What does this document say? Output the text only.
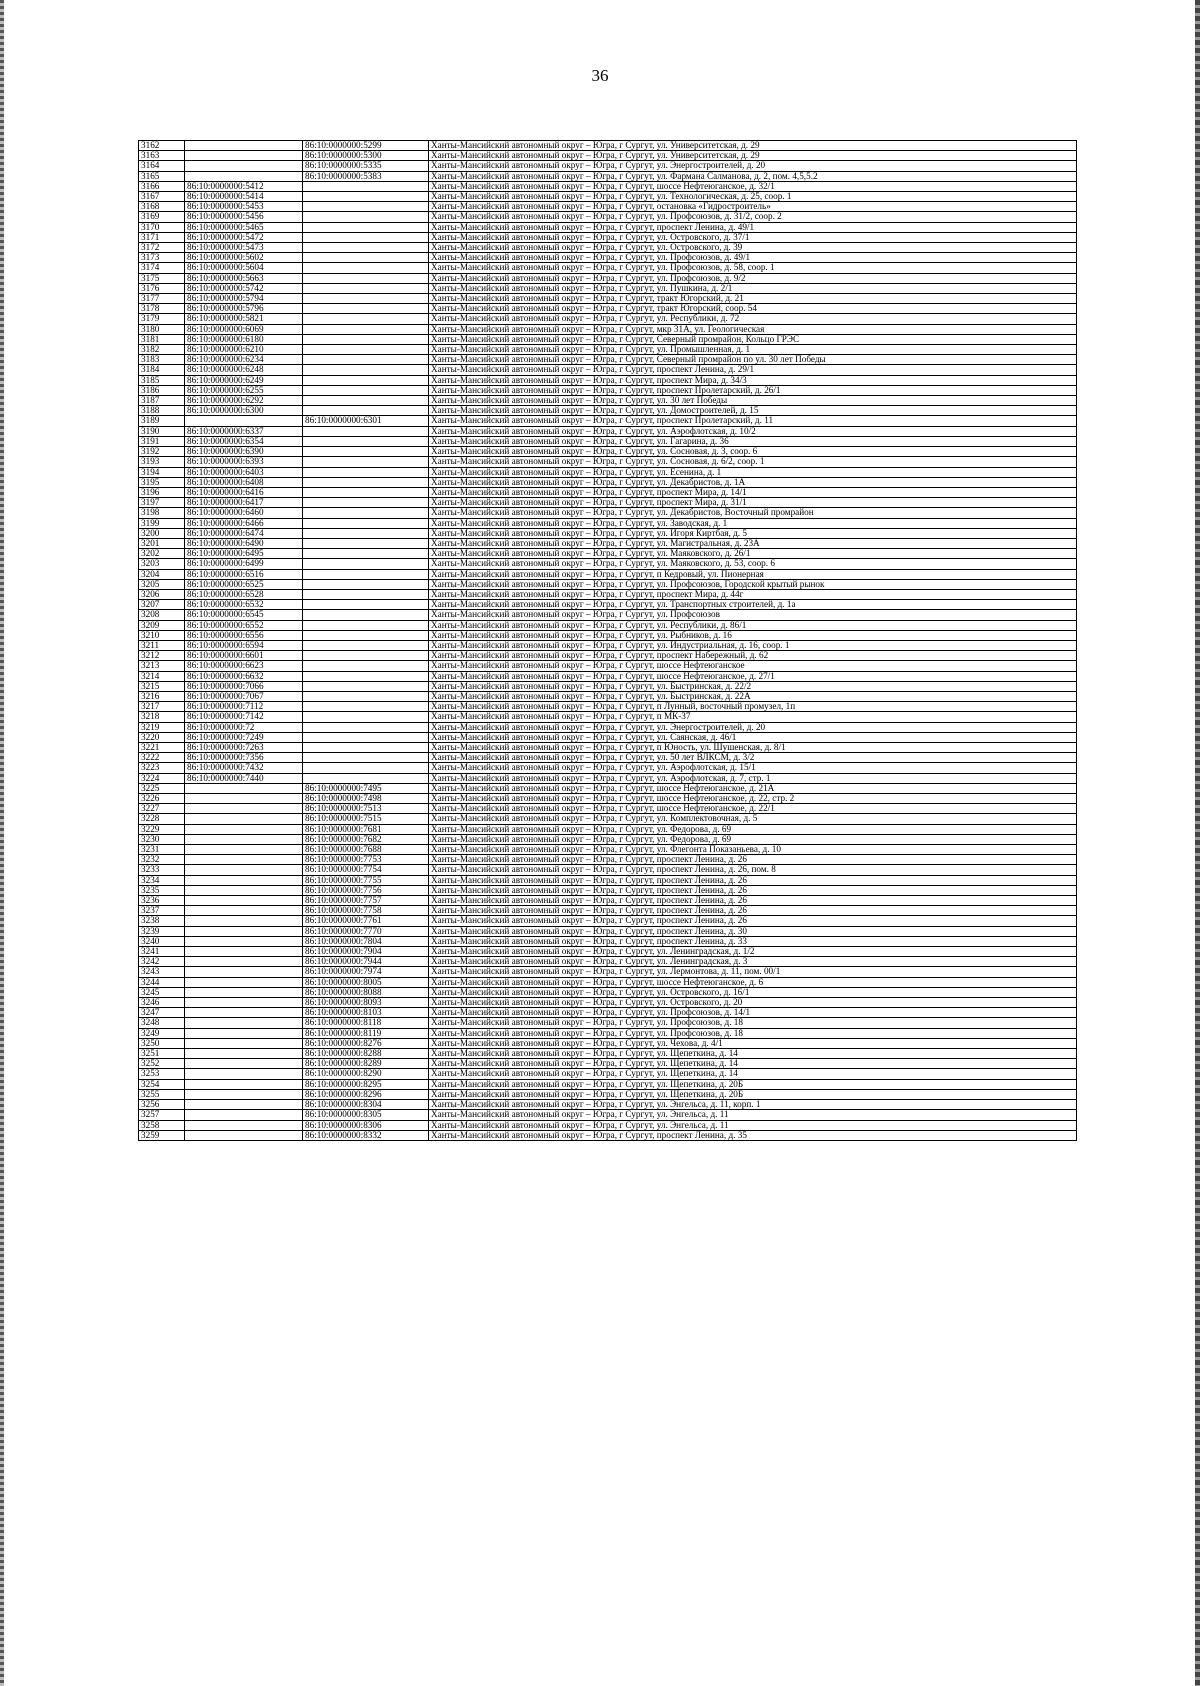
36
3162		86:10:0000000:5299	Ханты-Мансийский автономный округ – Югра, г Сургут, ул. Университетская, д. 29
3163		86:10:0000000:5300	Ханты-Мансийский автономный округ – Югра, г Сургут, ул. Университетская, д. 29
3164		86:10:0000000:5335	Ханты-Мансийский автономный округ – Югра, г Сургут, ул. Энергостроителей, д. 20
3165		86:10:0000000:5383	Ханты-Мансийский автономный округ – Югра, г Сургут, ул. Фармана Салманова, д. 2, пом. 4,5,5.2
3166	86:10:0000000:5412		Ханты-Мансийский автономный округ – Югра, г Сургут, шоссе Нефтеюганское, д. 32/1
3167	86:10:0000000:5414		Ханты-Мансийский автономный округ – Югра, г Сургут, ул. Технологическая, д. 25, соор. 1
3168	86:10:0000000:5453		Ханты-Мансийский автономный округ – Югра, г Сургут, остановка «Гидростроитель»
3169	86:10:0000000:5456		Ханты-Мансийский автономный округ – Югра, г Сургут, ул. Профсоюзов, д. 31/2, соор. 2
3170	86:10:0000000:5465		Ханты-Мансийский автономный округ – Югра, г Сургут, проспект Ленина, д. 49/1
3171	86:10:0000000:5472		Ханты-Мансийский автономный округ – Югра, г Сургут, ул. Островского, д. 37/1
3172	86:10:0000000:5473		Ханты-Мансийский автономный округ – Югра, г Сургут, ул. Островского, д. 39
3173	86:10:0000000:5602		Ханты-Мансийский автономный округ – Югра, г Сургут, ул. Профсоюзов, д. 49/1
3174	86:10:0000000:5604		Ханты-Мансийский автономный округ – Югра, г Сургут, ул. Профсоюзов, д. 58, соор. 1
3175	86:10:0000000:5663		Ханты-Мансийский автономный округ – Югра, г Сургут, ул. Профсоюзов, д. 9/2
3176	86:10:0000000:5742		Ханты-Мансийский автономный округ – Югра, г Сургут, ул. Пушкина, д. 2/1
3177	86:10:0000000:5794		Ханты-Мансийский автономный округ – Югра, г Сургут, тракт Югорский, д. 21
3178	86:10:0000000:5796		Ханты-Мансийский автономный округ – Югра, г Сургут, тракт Югорский, соор. 54
3179	86:10:0000000:5821		Ханты-Мансийский автономный округ – Югра, г Сургут, ул. Республики, д. 72
3180	86:10:0000000:6069		Ханты-Мансийский автономный округ – Югра, г Сургут, мкр 31А, ул. Геологическая
3181	86:10:0000000:6180		Ханты-Мансийский автономный округ – Югра, г Сургут, Северный промрайон, Кольцо ГРЭС
3182	86:10:0000000:6210		Ханты-Мансийский автономный округ – Югра, г Сургут, ул. Промышленная, д. 1
3183	86:10:0000000:6234		Ханты-Мансийский автономный округ – Югра, г Сургут, Северный промрайон по ул. 30 лет Победы
3184	86:10:0000000:6248		Ханты-Мансийский автономный округ – Югра, г Сургут, проспект Ленина, д. 29/1
3185	86:10:0000000:6249		Ханты-Мансийский автономный округ – Югра, г Сургут, проспект Мира, д. 34/3
3186	86:10:0000000:6255		Ханты-Мансийский автономный округ – Югра, г Сургут, проспект Пролетарский, д. 26/1
3187	86:10:0000000:6292		Ханты-Мансийский автономный округ – Югра, г Сургут, ул. 30 лет Победы
3188	86:10:0000000:6300		Ханты-Мансийский автономный округ – Югра, г Сургут, ул. Домостроителей, д. 15
3189		86:10:0000000:6301	Ханты-Мансийский автономный округ – Югра, г Сургут, проспект Пролетарский, д. 11
3190	86:10:0000000:6337		Ханты-Мансийский автономный округ – Югра, г Сургут, ул. Аэрофлотская, д. 10/2
3191	86:10:0000000:6354		Ханты-Мансийский автономный округ – Югра, г Сургут, ул. Гагарина, д. 36
3192	86:10:0000000:6390		Ханты-Мансийский автономный округ – Югра, г Сургут, ул. Сосновая, д. 3, соор. 6
3193	86:10:0000000:6393		Ханты-Мансийский автономный округ – Югра, г Сургут, ул. Сосновая, д. 6/2, соор. 1
3194	86:10:0000000:6403		Ханты-Мансийский автономный округ – Югра, г Сургут, ул. Есенина, д. 1
3195	86:10:0000000:6408		Ханты-Мансийский автономный округ – Югра, г Сургут, ул. Декабристов, д. 1А
3196	86:10:0000000:6416		Ханты-Мансийский автономный округ – Югра, г Сургут, проспект Мира, д. 14/1
3197	86:10:0000000:6417		Ханты-Мансийский автономный округ – Югра, г Сургут, проспект Мира, д. 31/1
3198	86:10:0000000:6460		Ханты-Мансийский автономный округ – Югра, г Сургут, ул. Декабристов, Восточный промрайон
3199	86:10:0000000:6466		Ханты-Мансийский автономный округ – Югра, г Сургут, ул. Заводская, д. 1
3200	86:10:0000000:6474		Ханты-Мансийский автономный округ – Югра, г Сургут, ул. Игоря Киртбая, д. 5
3201	86:10:0000000:6490		Ханты-Мансийский автономный округ – Югра, г Сургут, ул. Магистральная, д. 23А
3202	86:10:0000000:6495		Ханты-Мансийский автономный округ – Югра, г Сургут, ул. Маяковского, д. 26/1
3203	86:10:0000000:6499		Ханты-Мансийский автономный округ – Югра, г Сургут, ул. Маяковского, д. 53, соор. 6
3204	86:10:0000000:6516		Ханты-Мансийский автономный округ – Югра, г Сургут, п Кедровый, ул. Пионерная
3205	86:10:0000000:6525		Ханты-Мансийский автономный округ – Югра, г Сургут, ул. Профсоюзов, Городской крытый рынок
3206	86:10:0000000:6528		Ханты-Мансийский автономный округ – Югра, г Сургут, проспект Мира, д. 44г
3207	86:10:0000000:6532		Ханты-Мансийский автономный округ – Югра, г Сургут, ул. Транспортных строителей, д. 1а
3208	86:10:0000000:6545		Ханты-Мансийский автономный округ – Югра, г Сургут, ул. Профсоюзов
3209	86:10:0000000:6552		Ханты-Мансийский автономный округ – Югра, г Сургут, ул. Республики, д. 86/1
3210	86:10:0000000:6556		Ханты-Мансийский автономный округ – Югра, г Сургут, ул. Рыбников, д. 16
3211	86:10:0000000:6594		Ханты-Мансийский автономный округ – Югра, г Сургут, ул. Индустриальная, д. 16, соор. 1
3212	86:10:0000000:6601		Ханты-Мансийский автономный округ – Югра, г Сургут, проспект Набережный, д. 62
3213	86:10:0000000:6623		Ханты-Мансийский автономный округ – Югра, г Сургут, шоссе Нефтеюганское
3214	86:10:0000000:6632		Ханты-Мансийский автономный округ – Югра, г Сургут, шоссе Нефтеюганское, д. 27/1
3215	86:10:0000000:7066		Ханты-Мансийский автономный округ – Югра, г Сургут, ул. Быстринская, д. 22/2
3216	86:10:0000000:7067		Ханты-Мансийский автономный округ – Югра, г Сургут, ул. Быстринская, д. 22А
3217	86:10:0000000:7112		Ханты-Мансийский автономный округ – Югра, г Сургут, п Лунный, восточный промузел, 1п
3218	86:10:0000000:7142		Ханты-Мансийский автономный округ – Югра, г Сургут, п МК-37
3219	86:10:0000000:72		Ханты-Мансийский автономный округ – Югра, г Сургут, ул. Энергостроителей, д. 20
3220	86:10:0000000:7249		Ханты-Мансийский автономный округ – Югра, г Сургут, ул. Саянская, д. 46/1
3221	86:10:0000000:7263		Ханты-Мансийский автономный округ – Югра, г Сургут, п Юность, ул. Шушенская, д. 8/1
3222	86:10:0000000:7356		Ханты-Мансийский автономный округ – Югра, г Сургут, ул. 50 лет ВЛКСМ, д. 3/2
3223	86:10:0000000:7432		Ханты-Мансийский автономный округ – Югра, г Сургут, ул. Аэрофлотская, д. 15/1
3224	86:10:0000000:7440		Ханты-Мансийский автономный округ – Югра, г Сургут, ул. Аэрофлотская, д. 7, стр. 1
3225		86:10:0000000:7495	Ханты-Мансийский автономный округ – Югра, г Сургут, шоссе Нефтеюганское, д. 21А
3226		86:10:0000000:7498	Ханты-Мансийский автономный округ – Югра, г Сургут, шоссе Нефтеюганское, д. 22, стр. 2
3227		86:10:0000000:7513	Ханты-Мансийский автономный округ – Югра, г Сургут, шоссе Нефтеюганское, д. 22/1
3228		86:10:0000000:7515	Ханты-Мансийский автономный округ – Югра, г Сургут, ул. Комплектовочная, д. 5
3229		86:10:0000000:7681	Ханты-Мансийский автономный округ – Югра, г Сургут, ул. Федорова, д. 69
3230		86:10:0000000:7682	Ханты-Мансийский автономный округ – Югра, г Сургут, ул. Федорова, д. 69
3231		86:10:0000000:7688	Ханты-Мансийский автономный округ – Югра, г Сургут, ул. Флегонта Показаньева, д. 10
3232		86:10:0000000:7753	Ханты-Мансийский автономный округ – Югра, г Сургут, проспект Ленина, д. 26
3233		86:10:0000000:7754	Ханты-Мансийский автономный округ – Югра, г Сургут, проспект Ленина, д. 26, пом. 8
3234		86:10:0000000:7755	Ханты-Мансийский автономный округ – Югра, г Сургут, проспект Ленина, д. 26
3235		86:10:0000000:7756	Ханты-Мансийский автономный округ – Югра, г Сургут, проспект Ленина, д. 26
3236		86:10:0000000:7757	Ханты-Мансийский автономный округ – Югра, г Сургут, проспект Ленина, д. 26
3237		86:10:0000000:7758	Ханты-Мансийский автономный округ – Югра, г Сургут, проспект Ленина, д. 26
3238		86:10:0000000:7761	Ханты-Мансийский автономный округ – Югра, г Сургут, проспект Ленина, д. 26
3239		86:10:0000000:7770	Ханты-Мансийский автономный округ – Югра, г Сургут, проспект Ленина, д. 30
3240		86:10:0000000:7804	Ханты-Мансийский автономный округ – Югра, г Сургут, проспект Ленина, д. 33
3241		86:10:0000000:7904	Ханты-Мансийский автономный округ – Югра, г Сургут, ул. Ленинградская, д. 1/2
3242		86:10:0000000:7944	Ханты-Мансийский автономный округ – Югра, г Сургут, ул. Ленинградская, д. 3
3243		86:10:0000000:7974	Ханты-Мансийский автономный округ – Югра, г Сургут, ул. Лермонтова, д. 11, пом. 00/1
3244		86:10:0000000:8005	Ханты-Мансийский автономный округ – Югра, г Сургут, шоссе Нефтеюганское, д. 6
3245		86:10:0000000:8088	Ханты-Мансийский автономный округ – Югра, г Сургут, ул. Островского, д. 16/1
3246		86:10:0000000:8093	Ханты-Мансийский автономный округ – Югра, г Сургут, ул. Островского, д. 20
3247		86:10:0000000:8103	Ханты-Мансийский автономный округ – Югра, г Сургут, ул. Профсоюзов, д. 14/1
3248		86:10:0000000:8118	Ханты-Мансийский автономный округ – Югра, г Сургут, ул. Профсоюзов, д. 18
3249		86:10:0000000:8119	Ханты-Мансийский автономный округ – Югра, г Сургут, ул. Профсоюзов, д. 18
3250		86:10:0000000:8276	Ханты-Мансийский автономный округ – Югра, г Сургут, ул. Чехова, д. 4/1
3251		86:10:0000000:8288	Ханты-Мансийский автономный округ – Югра, г Сургут, ул. Щепеткина, д. 14
3252		86:10:0000000:8289	Ханты-Мансийский автономный округ – Югра, г Сургут, ул. Щепеткина, д. 14
3253		86:10:0000000:8290	Ханты-Мансийский автономный округ – Югра, г Сургут, ул. Щепеткина, д. 14
3254		86:10:0000000:8295	Ханты-Мансийский автономный округ – Югра, г Сургут, ул. Щепеткина, д. 20Б
3255		86:10:0000000:8296	Ханты-Мансийский автономный округ – Югра, г Сургут, ул. Щепеткина, д. 20Б
3256		86:10:0000000:8304	Ханты-Мансийский автономный округ – Югра, г Сургут, ул. Энгельса, д. 11, корп. 1
3257		86:10:0000000:8305	Ханты-Мансийский автономный округ – Югра, г Сургут, ул. Энгельса, д. 11
3258		86:10:0000000:8306	Ханты-Мансийский автономный округ – Югра, г Сургут, ул. Энгельса, д. 11
3259		86:10:0000000:8332	Ханты-Мансийский автономный округ – Югра, г Сургут, проспект Ленина, д. 35
